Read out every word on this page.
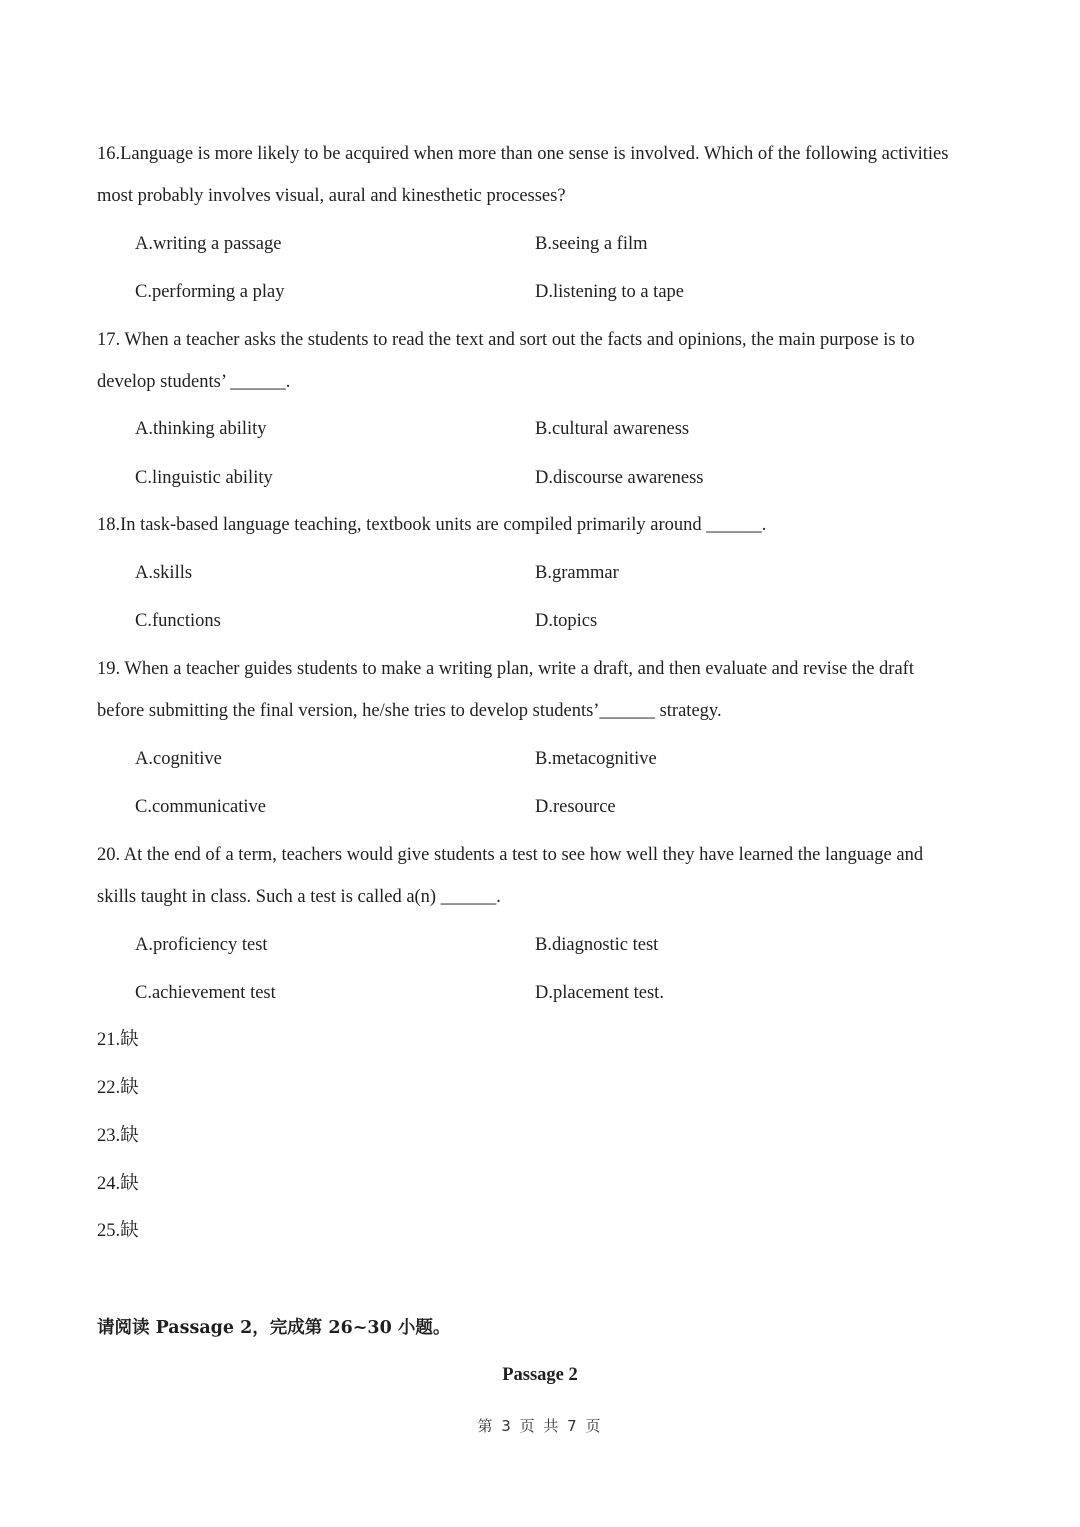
16.Language is more likely to be acquired when more than one sense is involved. Which of the following activities
most probably involves visual, aural and kinesthetic processes?
A.writing a passage	B.seeing a film
C.performing a play	D.listening to a tape
17. When a teacher asks the students to read the text and sort out the facts and opinions, the main purpose is to
develop students’ ______.
A.thinking ability	B.cultural awareness
C.linguistic ability	D.discourse awareness
18.In task-based language teaching, textbook units are compiled primarily around ______.
A.skills	B.grammar
C.functions	D.topics
19. When a teacher guides students to make a writing plan, write a draft, and then evaluate and revise the draft
before submitting the final version, he/she tries to develop students’______ strategy.
A.cognitive	B.metacognitive
C.communicative	D.resource
20. At the end of a term, teachers would give students a test to see how well they have learned the language and
skills taught in class. Such a test is called a(n) ______.
A.proficiency test	B.diagnostic test
C.achievement test	D.placement test.
21.缺
22.缺
23.缺
24.缺
25.缺
请阅读 Passage 2，完成第 26~30 小题。
Passage 2
第 3 页 共 7 页
